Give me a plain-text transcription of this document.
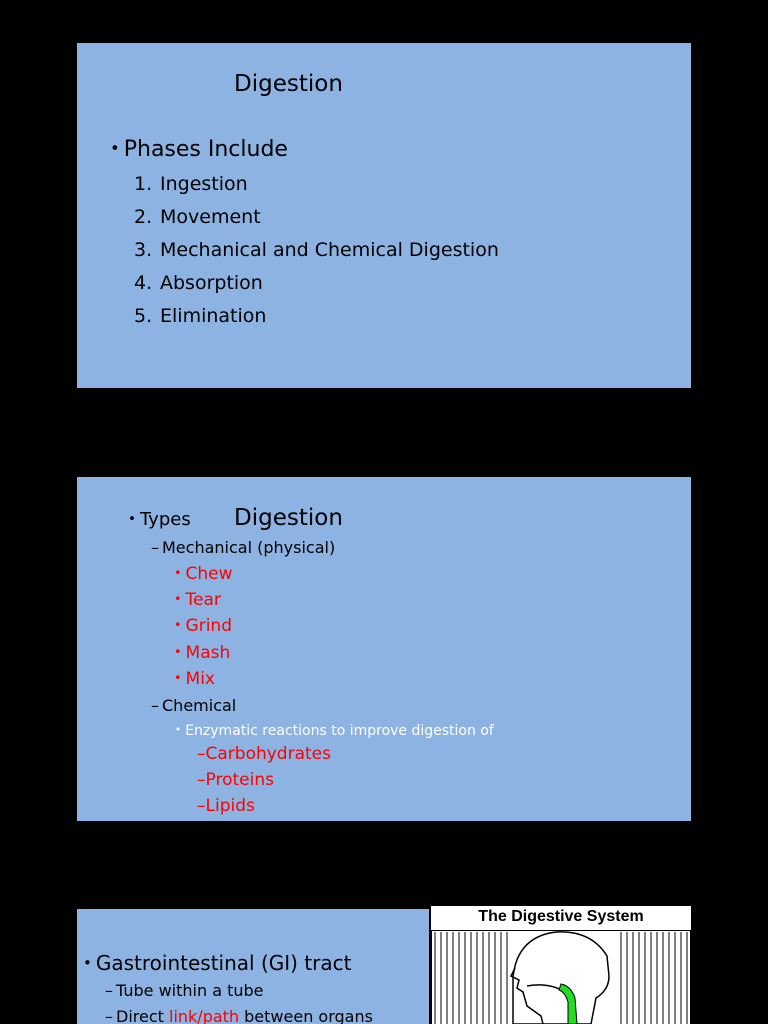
Digestion
• Phases Include
1. Ingestion
2. Movement
3. Mechanical and Chemical Digestion
4. Absorption
5. Elimination
• Types Digestion
– Mechanical (physical)
• Chew
• Tear
• Grind
• Mash
• Mix
– Chemical
• Enzymatic reactions to improve digestion of
–Carbohydrates
–Proteins
–Lipids
• Gastrointestinal (GI) tract
– Tube within a tube
– Direct link/path between organs
The Digestive System
